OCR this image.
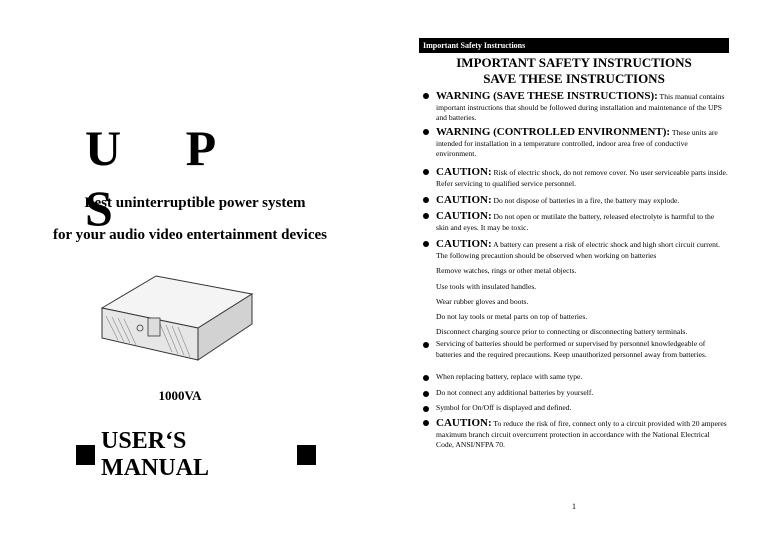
U P S
Best uninterruptible power system
for your audio video entertainment devices
1000VA
USER‘S MANUAL
Important Safety Instructions
IMPORTANT SAFETY INSTRUCTIONS
SAVE THESE INSTRUCTIONS
WARNING (SAVE THESE INSTRUCTIONS): This manual contains important instructions that should be followed during installation and maintenance of the UPS and batteries.
WARNING (CONTROLLED ENVIRONMENT): These units are intended for installation in a temperature controlled, indoor area free of conductive environment.
CAUTION: Risk of electric shock, do not remove cover. No user serviceable parts inside. Refer servicing to qualified service personnel.
CAUTION: Do not dispose of batteries in a fire, the battery may explode.
CAUTION: Do not open or mutilate the battery, released electrolyte is harmful to the skin and eyes. It may be toxic.
CAUTION: A battery can present a risk of electric shock and high short circuit current. The following precaution should be observed when working on batteries
Remove watches, rings or other metal objects.
Use tools with insulated handles.
Wear rubber gloves and boots.
Do not lay tools or metal parts on top of batteries.
Disconnect charging source prior to connecting or disconnecting battery terminals.
Servicing of batteries should be performed or supervised by personnel knowledgeable of batteries and the required precautions. Keep unauthorized personnel away from batteries.
When replacing battery, replace with same type.
Do not connect any additional batteries by yourself.
Symbol for On/Off is displayed and defined.
CAUTION: To reduce the risk of fire, connect only to a circuit provided with 20 amperes maximum branch circuit overcurrent protection in accordance with the National Electrical Code, ANSI/NFPA 70.
1
